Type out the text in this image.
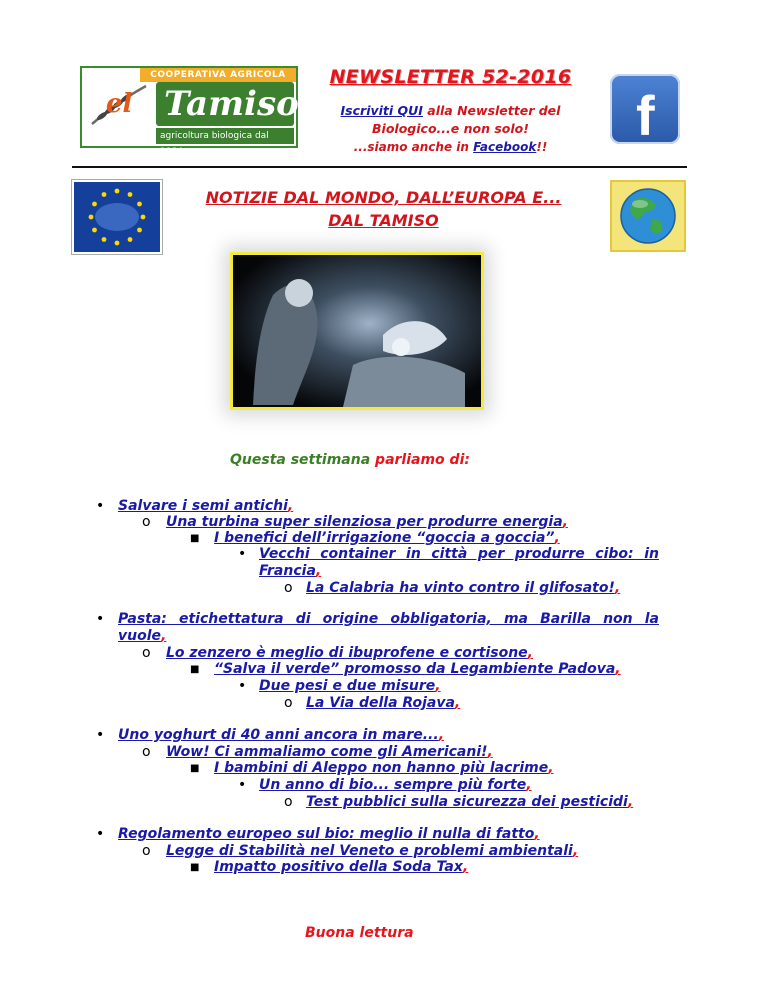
COOPERATIVA AGRICOLA
el Tamiso
agricoltura biologica dal 1984
NEWSLETTER 52-2016
Iscriviti QUI alla Newsletter del
Biologico...e non solo!
...siamo anche in Facebook!!	f
NOTIZIE DAL MONDO, DALL’EUROPA E...
DAL TAMISO
Questa settimana parliamo di:
• Salvare i semi antichi,
o Una turbina super silenziosa per produrre energia,
■ I benefici dell’irrigazione “goccia a goccia”,
• Vecchi container in città per produrre cibo: in
Francia,
o La Calabria ha vinto contro il glifosato!,
• Pasta: etichettatura di origine obbligatoria, ma Barilla non la
vuole,
o Lo zenzero è meglio di ibuprofene e cortisone,
■ “Salva il verde” promosso da Legambiente Padova,
• Due pesi e due misure,
o La Via della Rojava,
• Uno yoghurt di 40 anni ancora in mare...,
o Wow! Ci ammaliamo come gli Americani!,
■ I bambini di Aleppo non hanno più lacrime,
• Un anno di bio... sempre più forte,
o Test pubblici sulla sicurezza dei pesticidi,
• Regolamento europeo sul bio: meglio il nulla di fatto,
o Legge di Stabilità nel Veneto e problemi ambientali,
■ Impatto positivo della Soda Tax,
Buona lettura
